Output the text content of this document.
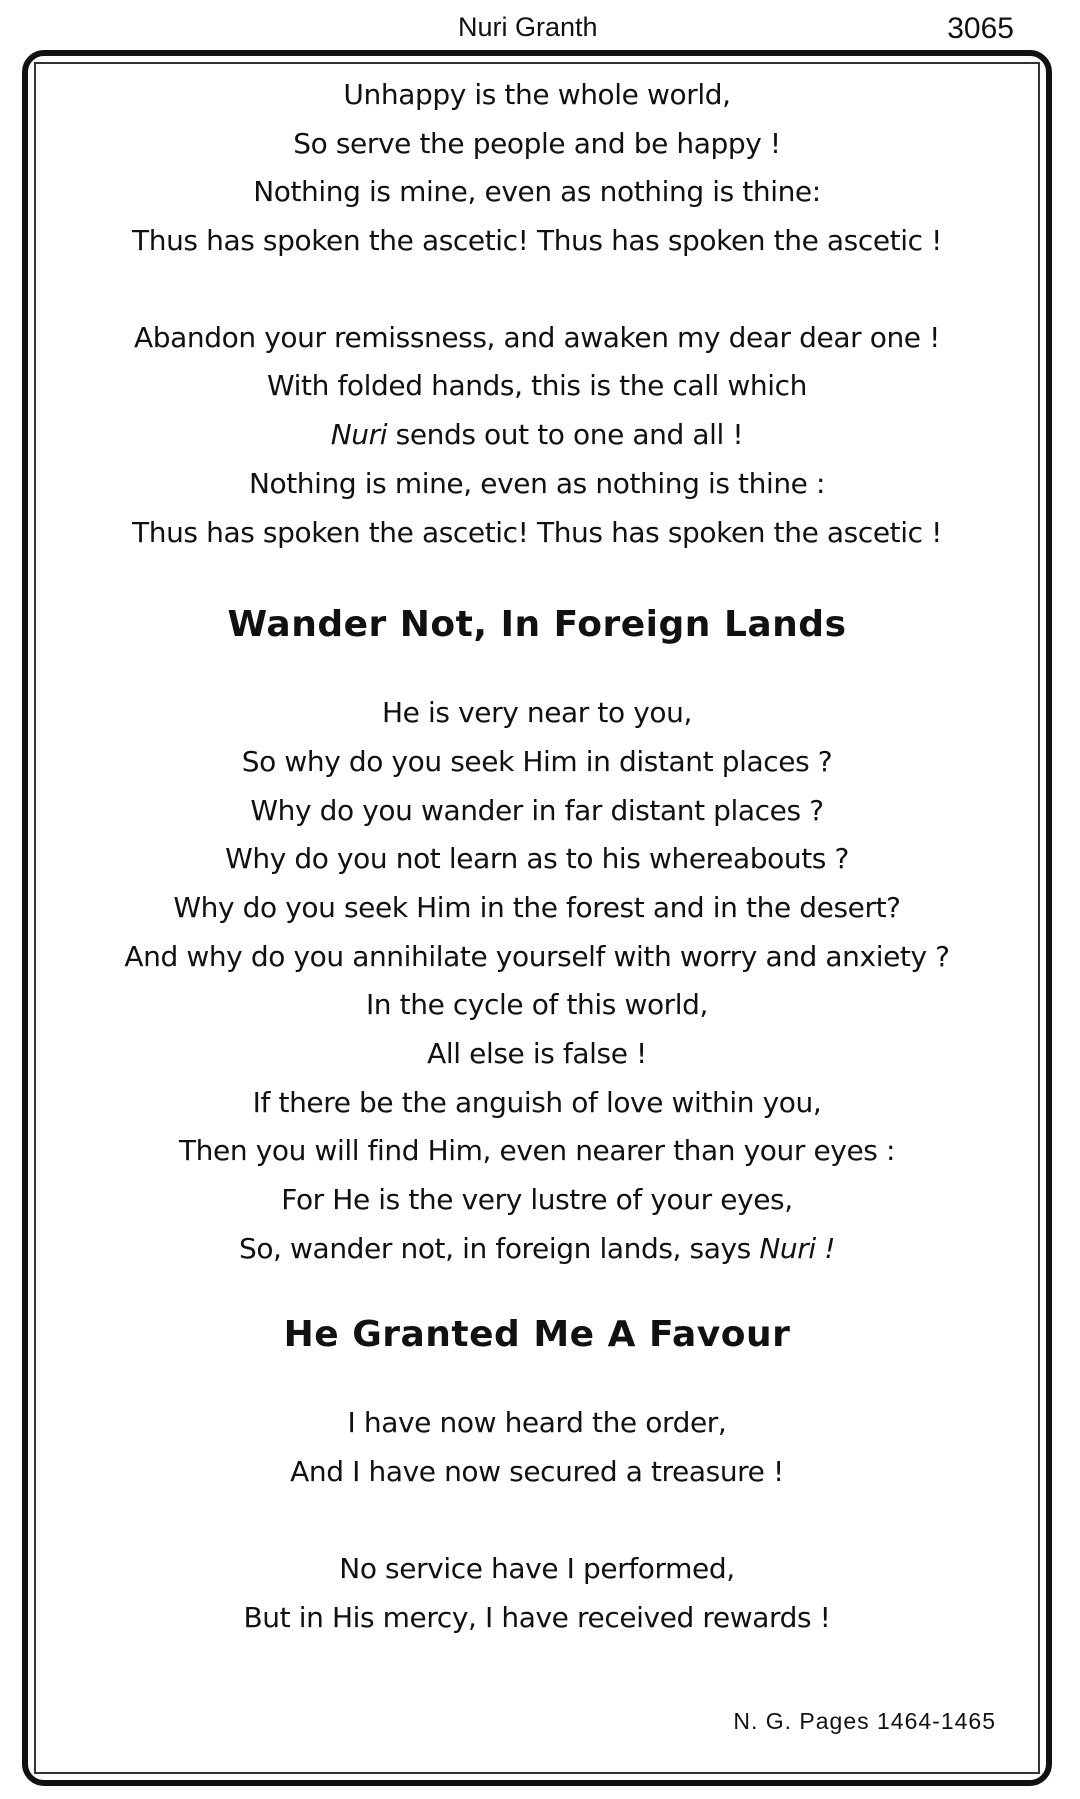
Nuri Granth	3065
Unhappy is the whole world,
So serve the people and be happy !
Nothing is mine, even as nothing is thine:
Thus has spoken the ascetic! Thus has spoken the ascetic !
Abandon your remissness, and awaken my dear dear one !
With folded hands, this is the call which
Nuri sends out to one and all !
Nothing is mine, even as nothing is thine :
Thus has spoken the ascetic! Thus has spoken the ascetic !
Wander Not, In Foreign Lands
He is very near to you,
So why do you seek Him in distant places ?
Why do you wander in far distant places ?
Why do you not learn as to his whereabouts ?
Why do you seek Him in the forest and in the desert?
And why do you annihilate yourself with worry and anxiety ?
In the cycle of this world,
All else is false !
If there be the anguish of love within you,
Then you will find Him, even nearer than your eyes :
For He is the very lustre of your eyes,
So, wander not, in foreign lands, says Nuri !
He Granted Me A Favour
I have now heard the order,
And I have now secured a treasure !
No service have I performed,
But in His mercy, I have received rewards !
N. G. Pages 1464-1465
